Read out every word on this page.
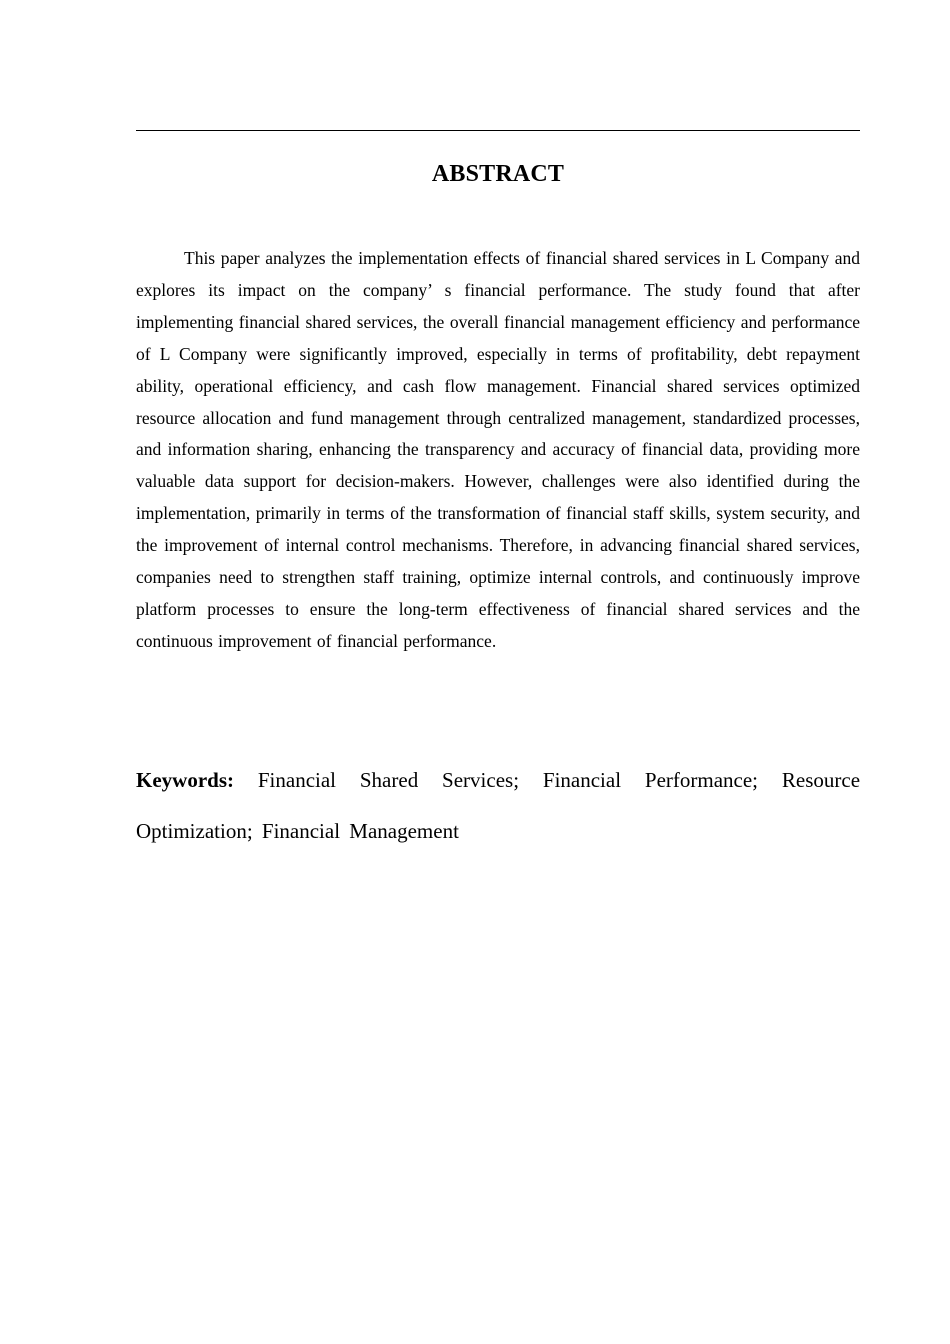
ABSTRACT

This paper analyzes the implementation effects of financial shared services in L Company and explores its impact on the company’ s financial performance. The study found that after implementing financial shared services, the overall financial management efficiency and performance of L Company were significantly improved, especially in terms of profitability, debt repayment ability, operational efficiency, and cash flow management. Financial shared services optimized resource allocation and fund management through centralized management, standardized processes, and information sharing, enhancing the transparency and accuracy of financial data, providing more valuable data support for decision-makers. However, challenges were also identified during the implementation, primarily in terms of the transformation of financial staff skills, system security, and the improvement of internal control mechanisms. Therefore, in advancing financial shared services, companies need to strengthen staff training, optimize internal controls, and continuously improve platform processes to ensure the long-term effectiveness of financial shared services and the continuous improvement of financial performance.

Keywords: Financial Shared Services; Financial Performance; Resource Optimization; Financial Management
